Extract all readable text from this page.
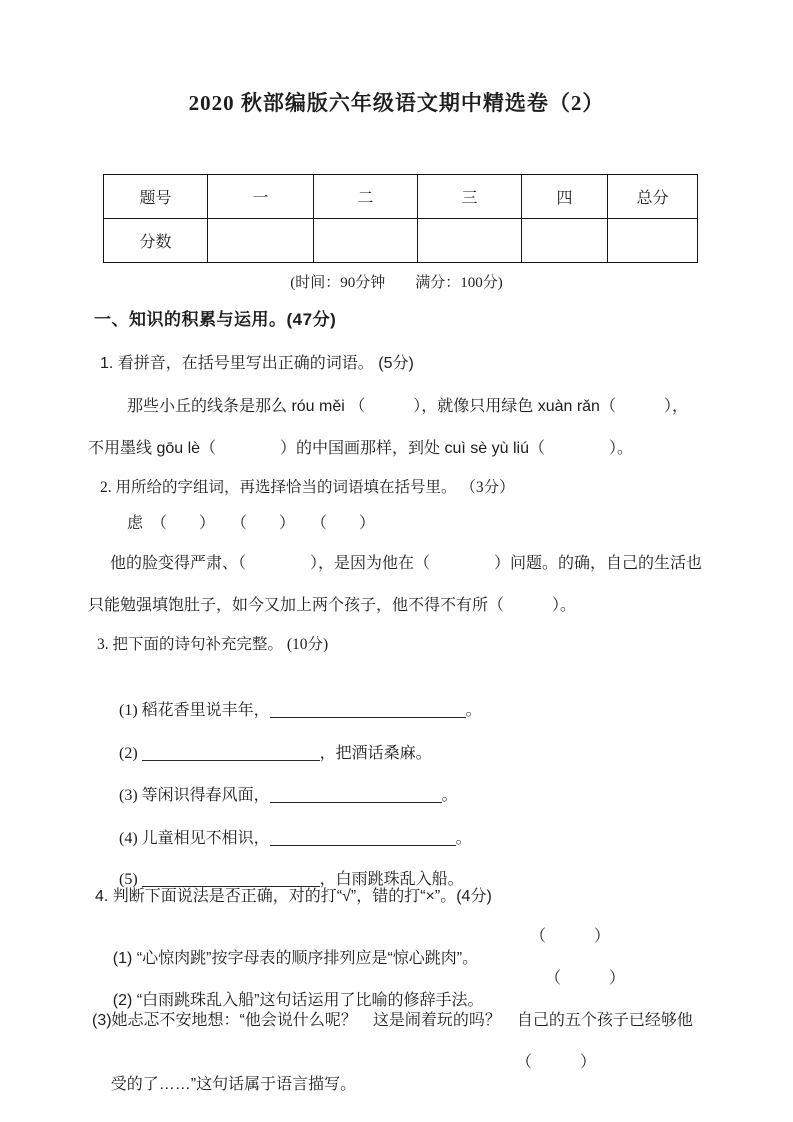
2020 秋部编版六年级语文期中精选卷（2）
题号	一	二	三	四	总分
分数					
(时间：90分钟　　满分：100分)
一、知识的积累与运用。(47分)
1. 看拼音，在括号里写出正确的词语。 (5分)
那些小丘的线条是那么 róu měi （　　　），就像只用绿色 xuàn rǎn（　　　），
不用墨线 gōu lè（　　　　）的中国画那样，到处 cuì sè yù liú（　　　　）。
2. 用所给的字组词，再选择恰当的词语填在括号里。 （3分）
虑　（　　）　　（　　）　　（　　）
他的脸变得严肃、（　　　　），是因为他在（　　　　）问题。的确，自己的生活也
只能勉强填饱肚子，如今又加上两个孩子，他不得不有所（　　　）。
3. 把下面的诗句补充完整。 (10分)

(1) 稻花香里说丰年，	。

(2)	，把酒话桑麻。

(3) 等闲识得春风面，	。

(4) 儿童相见不相识，	。

(5)	，白雨跳珠乱入船。

4. 判断下面说法是否正确，对的打“√”，错的打“×”。(4分)

(1) “心惊肉跳”按字母表的顺序排列应是“惊心跳肉”。

（　　　）

(2) “白雨跳珠乱入船”这句话运用了比喻的修辞手法。

（　　　）

(3)她忐忑不安地想：“他会说什么呢？　这是闹着玩的吗？　自己的五个孩子已经够他

受的了……”这句话属于语言描写。

（　　　）
